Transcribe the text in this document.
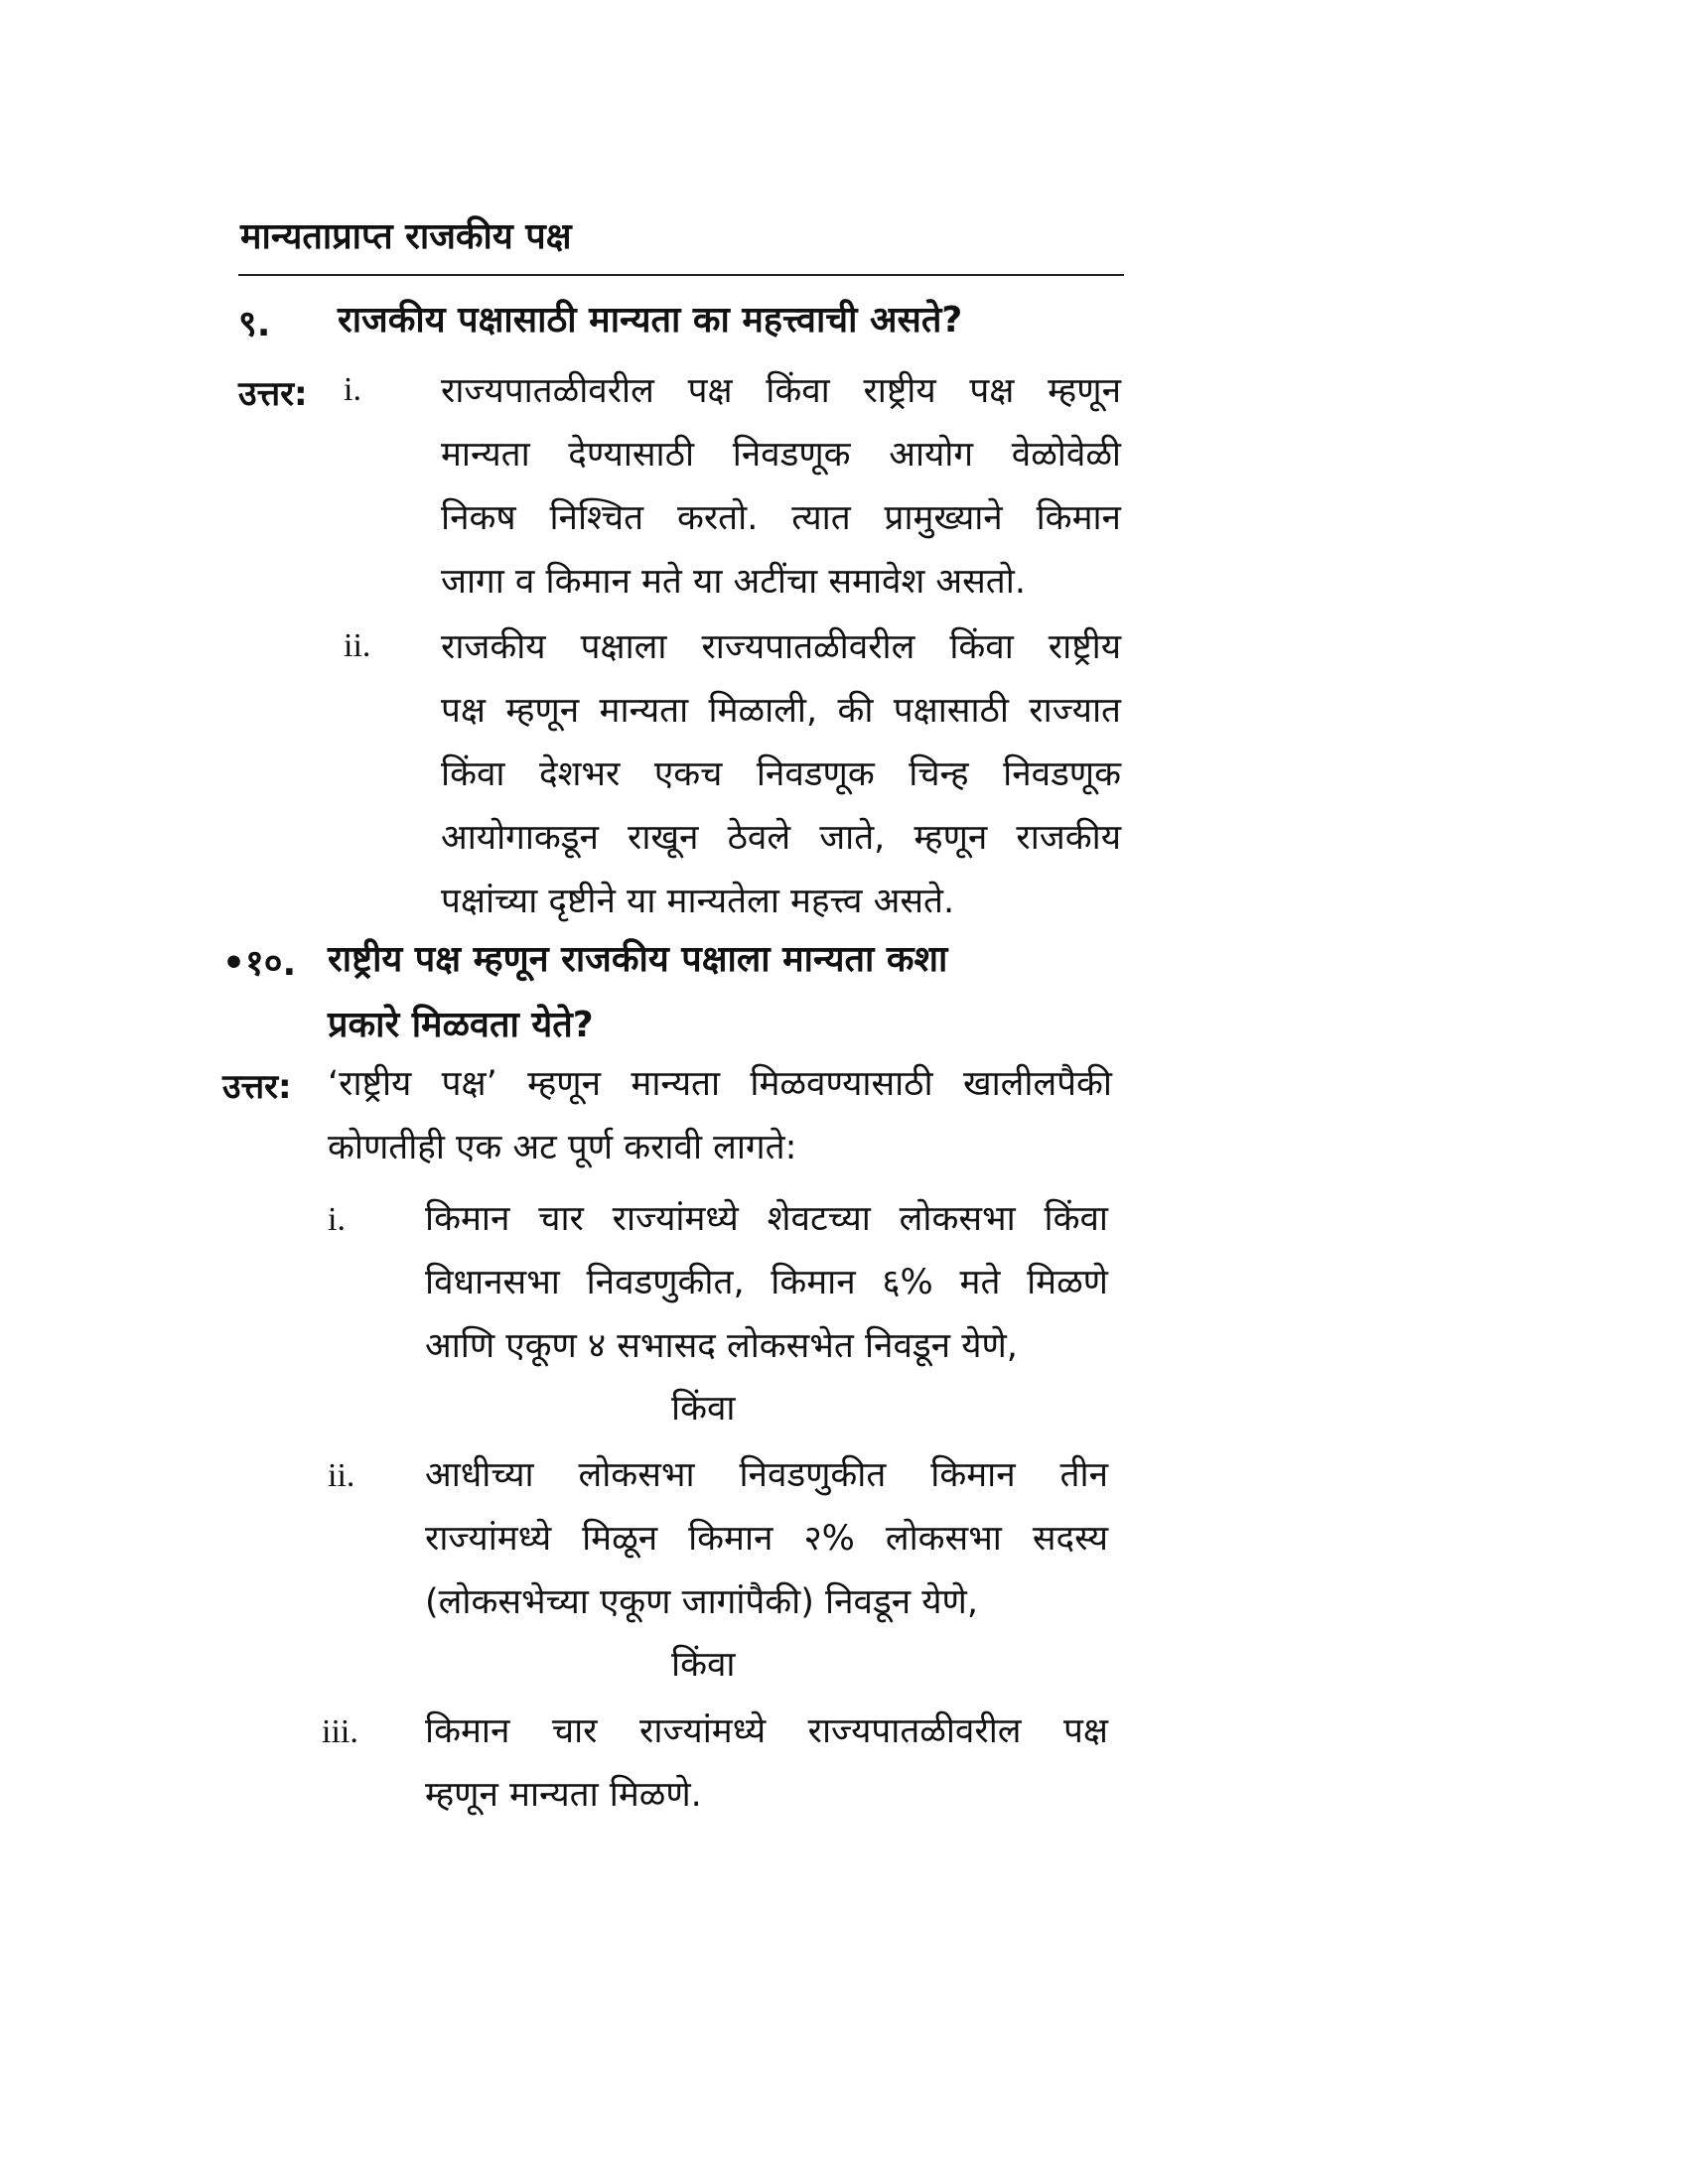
मान्यताप्राप्त राजकीय पक्ष
९. राजकीय पक्षासाठी मान्यता का महत्त्वाची असते?
उत्तर: i. राज्यपातळीवरील पक्ष किंवा राष्ट्रीय पक्ष म्हणून
मान्यता देण्यासाठी निवडणूक आयोग वेळोवेळी
निकष निश्चित करतो. त्यात प्रामुख्याने किमान
जागा व किमान मते या अटींचा समावेश असतो.
ii. राजकीय पक्षाला राज्यपातळीवरील किंवा राष्ट्रीय
पक्ष म्हणून मान्यता मिळाली, की पक्षासाठी राज्यात
किंवा देशभर एकच निवडणूक चिन्ह निवडणूक
आयोगाकडून राखून ठेवले जाते, म्हणून राजकीय
पक्षांच्या दृष्टीने या मान्यतेला महत्त्व असते.
•१०. राष्ट्रीय पक्ष म्हणून राजकीय पक्षाला मान्यता कशा
प्रकारे मिळवता येते?
उत्तर: ‘राष्ट्रीय पक्ष’ म्हणून मान्यता मिळवण्यासाठी खालीलपैकी
कोणतीही एक अट पूर्ण करावी लागते:
i. किमान चार राज्यांमध्ये शेवटच्या लोकसभा किंवा
विधानसभा निवडणुकीत, किमान ६% मते मिळणे
आणि एकूण ४ सभासद लोकसभेत निवडून येणे,
किंवा
ii. आधीच्या लोकसभा निवडणुकीत किमान तीन
राज्यांमध्ये मिळून किमान २% लोकसभा सदस्य
(लोकसभेच्या एकूण जागांपैकी) निवडून येणे,
किंवा
iii. किमान चार राज्यांमध्ये राज्यपातळीवरील पक्ष
म्हणून मान्यता मिळणे.
